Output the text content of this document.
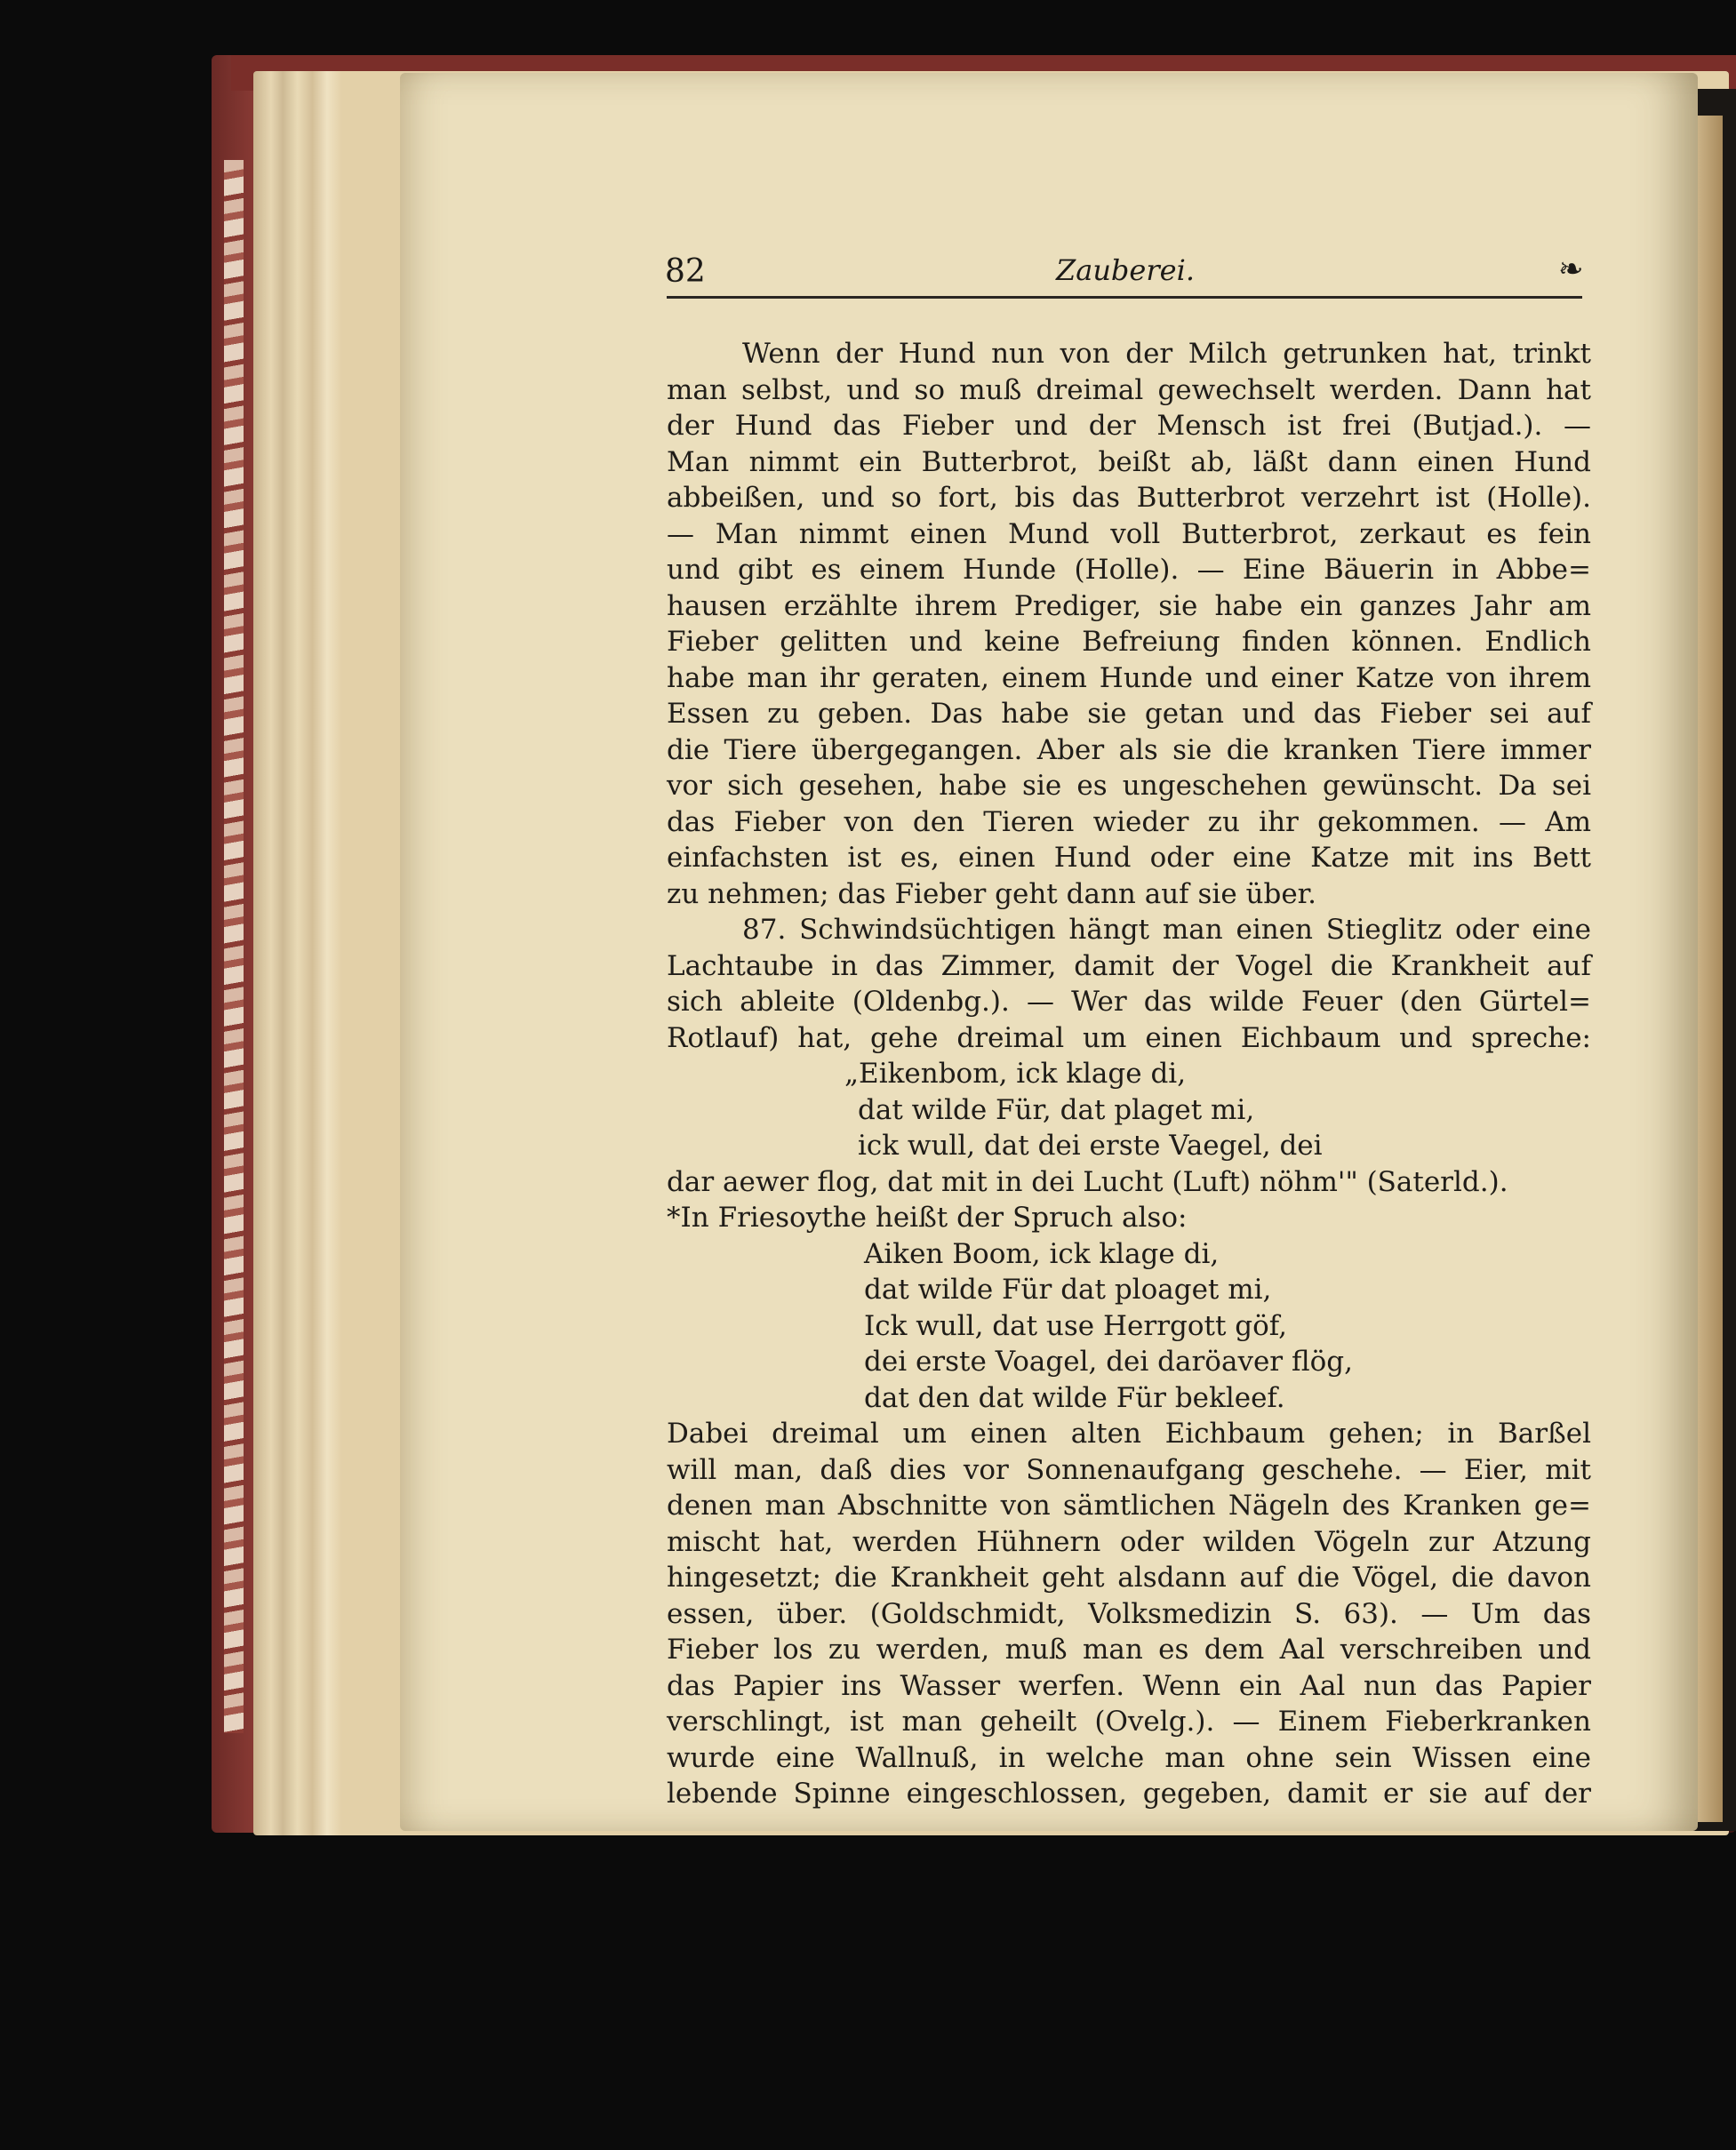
82	Zauberei.	❧
Wenn der Hund nun von der Milch getrunken hat, trinkt
man selbst, und so muß dreimal gewechselt werden. Dann hat
der Hund das Fieber und der Mensch ist frei (Butjad.). —
Man nimmt ein Butterbrot, beißt ab, läßt dann einen Hund
abbeißen, und so fort, bis das Butterbrot verzehrt ist (Holle).
— Man nimmt einen Mund voll Butterbrot, zerkaut es fein
und gibt es einem Hunde (Holle). — Eine Bäuerin in Abbe=
hausen erzählte ihrem Prediger, sie habe ein ganzes Jahr am
Fieber gelitten und keine Befreiung finden können. Endlich
habe man ihr geraten, einem Hunde und einer Katze von ihrem
Essen zu geben. Das habe sie getan und das Fieber sei auf
die Tiere übergegangen. Aber als sie die kranken Tiere immer
vor sich gesehen, habe sie es ungeschehen gewünscht. Da sei
das Fieber von den Tieren wieder zu ihr gekommen. — Am
einfachsten ist es, einen Hund oder eine Katze mit ins Bett
zu nehmen; das Fieber geht dann auf sie über.
87. Schwindsüchtigen hängt man einen Stieglitz oder eine
Lachtaube in das Zimmer, damit der Vogel die Krankheit auf
sich ableite (Oldenbg.). — Wer das wilde Feuer (den Gürtel=
Rotlauf) hat, gehe dreimal um einen Eichbaum und spreche:
„Eikenbom, ick klage di,
dat wilde Für, dat plaget mi,
ick wull, dat dei erste Vaegel, dei
dar aewer flog, dat mit in dei Lucht (Luft) nöhm'" (Saterld.).
*In Friesoythe heißt der Spruch also:
Aiken Boom, ick klage di,
dat wilde Für dat ploaget mi,
Ick wull, dat use Herrgott göf,
dei erste Voagel, dei daröaver flög,
dat den dat wilde Für bekleef.
Dabei dreimal um einen alten Eichbaum gehen; in Barßel
will man, daß dies vor Sonnenaufgang geschehe. — Eier, mit
denen man Abschnitte von sämtlichen Nägeln des Kranken ge=
mischt hat, werden Hühnern oder wilden Vögeln zur Atzung
hingesetzt; die Krankheit geht alsdann auf die Vögel, die davon
essen, über. (Goldschmidt, Volksmedizin S. 63). — Um das
Fieber los zu werden, muß man es dem Aal verschreiben und
das Papier ins Wasser werfen. Wenn ein Aal nun das Papier
verschlingt, ist man geheilt (Ovelg.). — Einem Fieberkranken
wurde eine Wallnuß, in welche man ohne sein Wissen eine
lebende Spinne eingeschlossen, gegeben, damit er sie auf der
